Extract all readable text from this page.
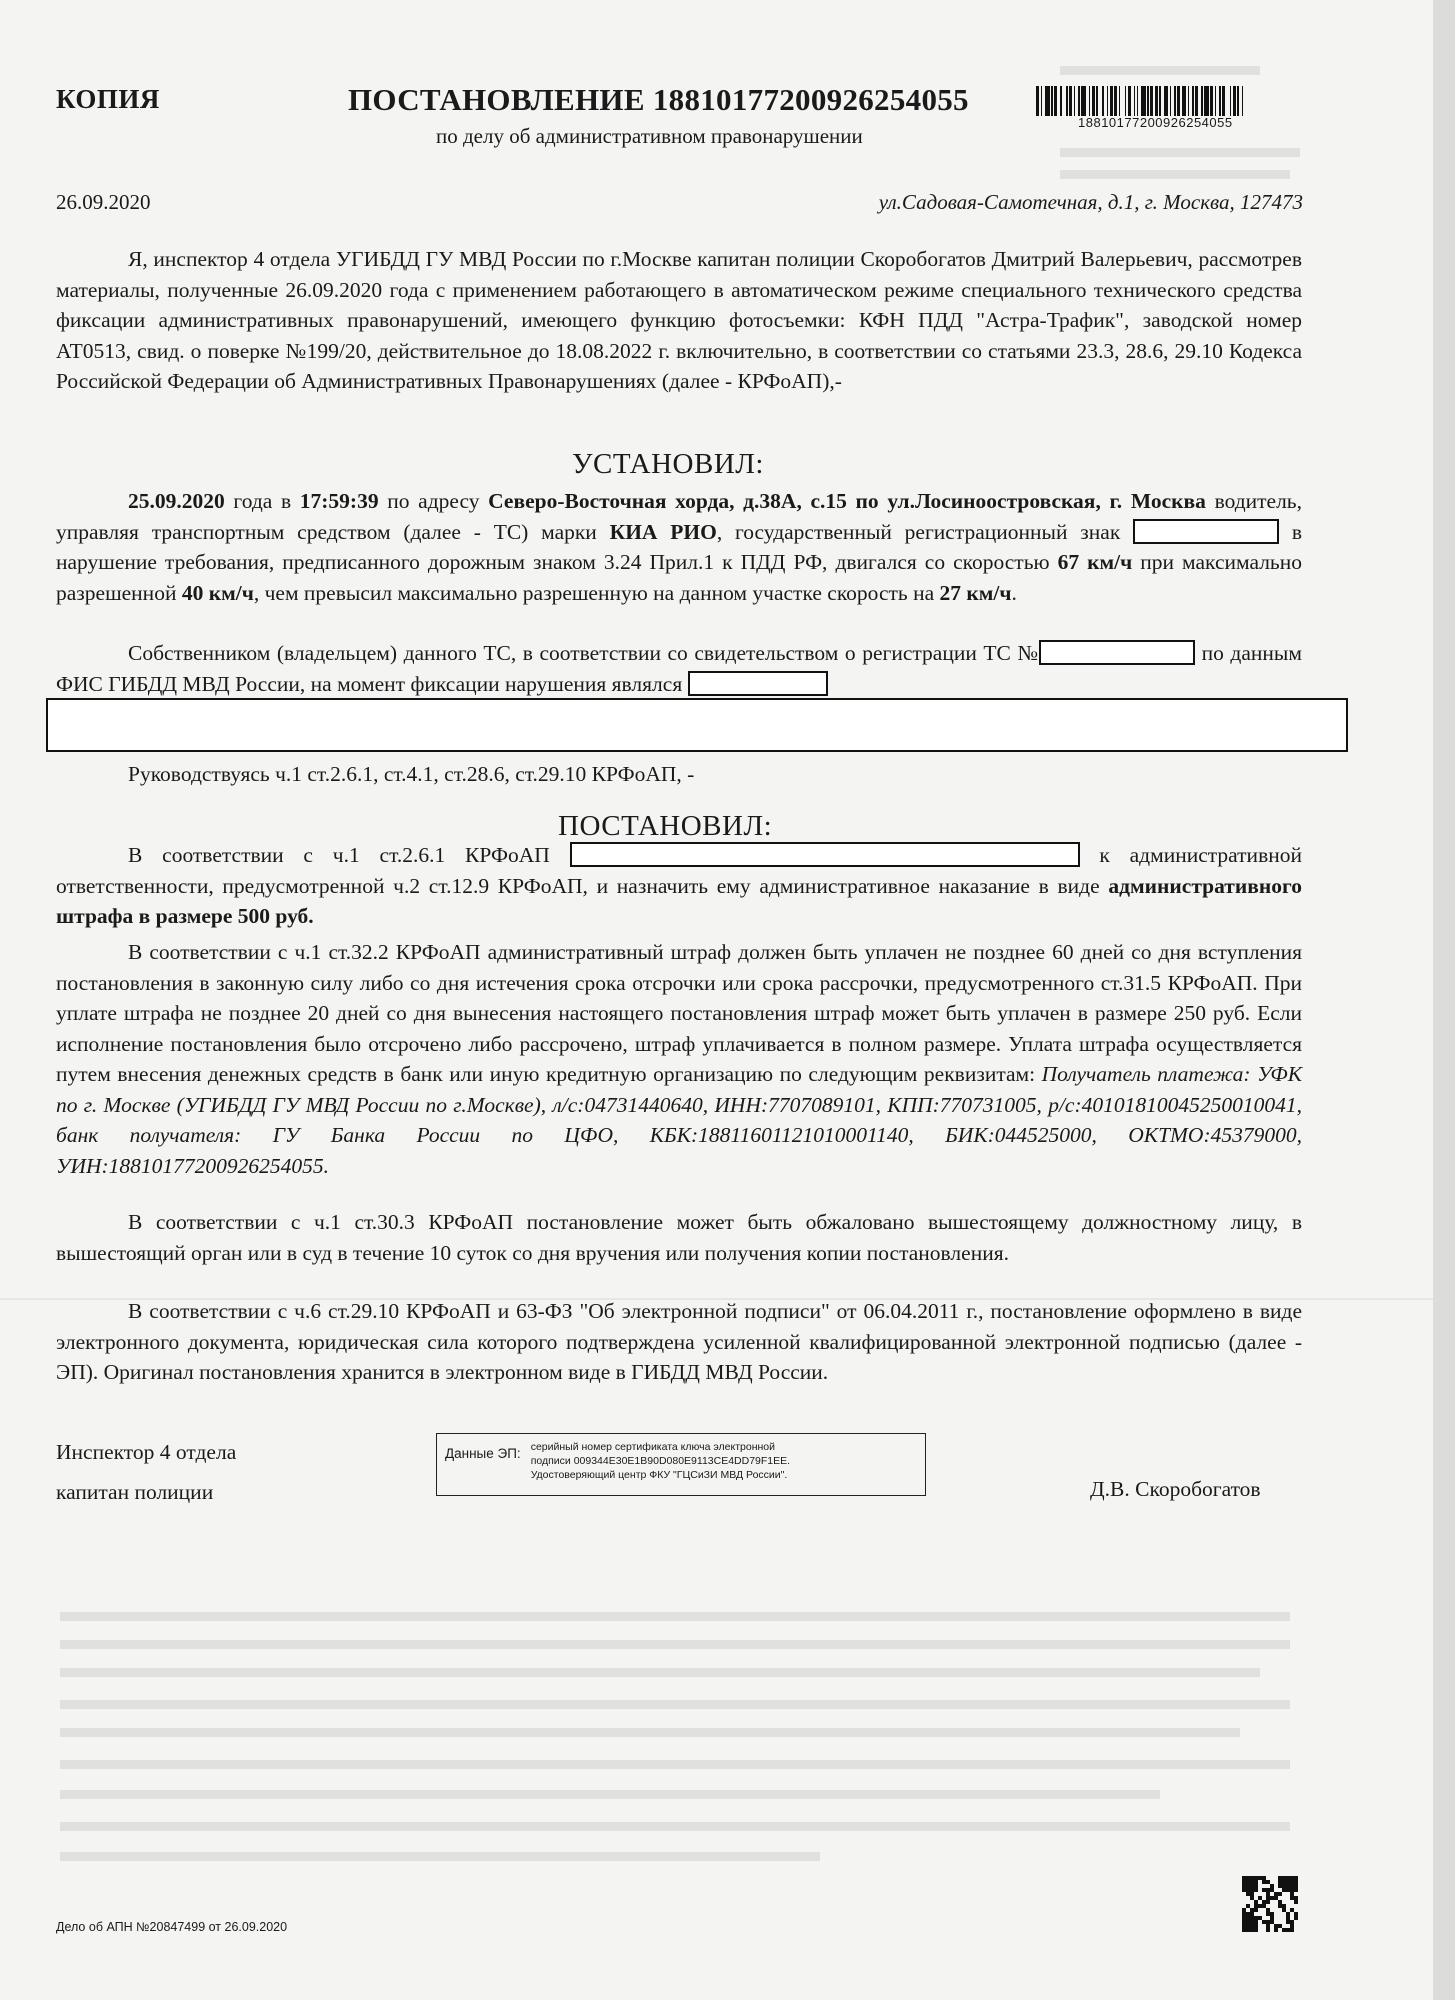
КОПИЯ	ПОСТАНОВЛЕНИЕ 18810177200926254055
по делу об административном правонарушении
18810177200926254055
26.09.2020	ул.Садовая-Самотечная, д.1, г. Москва, 127473
Я, инспектор 4 отдела УГИБДД ГУ МВД России по г.Москве капитан полиции Скоробогатов Дмитрий Валерьевич, рассмотрев материалы, полученные 26.09.2020 года с применением работающего в автоматическом режиме специального технического средства фиксации административных правонарушений, имеющего функцию фотосъемки: КФН ПДД "Астра-Трафик", заводской номер АТ0513, свид. о поверке №199/20, действительное до 18.08.2022 г. включительно, в соответствии со статьями 23.3, 28.6, 29.10 Кодекса Российской Федерации об Административных Правонарушениях (далее - КРФоАП),-
УСТАНОВИЛ:
25.09.2020 года в 17:59:39 по адресу Северо-Восточная хорда, д.38А, с.15 по ул.Лосиноостровская, г. Москва водитель, управляя транспортным средством (далее - ТС) марки КИА РИО, государственный регистрационный знак	в нарушение требования, предписанного дорожным знаком 3.24 Прил.1 к ПДД РФ, двигался со скоростью 67 км/ч при максимально разрешенной 40 км/ч, чем превысил максимально разрешенную на данном участке скорость на 27 км/ч.
Собственником (владельцем) данного ТС, в соответствии со свидетельством о регистрации ТС №	по данным ФИС ГИБДД МВД России, на момент фиксации нарушения являлся
Руководствуясь ч.1 ст.2.6.1, ст.4.1, ст.28.6, ст.29.10 КРФоАП, -
ПОСТАНОВИЛ:
В соответствии с ч.1 ст.2.6.1 КРФоАП	к административной ответственности, предусмотренной ч.2 ст.12.9 КРФоАП, и назначить ему административное наказание в виде административного штрафа в размере 500 руб.
В соответствии с ч.1 ст.32.2 КРФоАП административный штраф должен быть уплачен не позднее 60 дней со дня вступления постановления в законную силу либо со дня истечения срока отсрочки или срока рассрочки, предусмотренного ст.31.5 КРФоАП. При уплате штрафа не позднее 20 дней со дня вынесения настоящего постановления штраф может быть уплачен в размере 250 руб. Если исполнение постановления было отсрочено либо рассрочено, штраф уплачивается в полном размере. Уплата штрафа осуществляется путем внесения денежных средств в банк или иную кредитную организацию по следующим реквизитам: Получатель платежа: УФК по г. Москве (УГИБДД ГУ МВД России по г.Москве), л/с:04731440640, ИНН:7707089101, КПП:770731005, р/с:40101810045250010041, банк получателя: ГУ Банка России по ЦФО, КБК:18811601121010001140, БИК:044525000, ОКТМО:45379000, УИН:18810177200926254055.
В соответствии с ч.1 ст.30.3 КРФоАП постановление может быть обжаловано вышестоящему должностному лицу, в вышестоящий орган или в суд в течение 10 суток со дня вручения или получения копии постановления.
В соответствии с ч.6 ст.29.10 КРФоАП и 63-ФЗ "Об электронной подписи" от 06.04.2011 г., постановление оформлено в виде электронного документа, юридическая сила которого подтверждена усиленной квалифицированной электронной подписью (далее - ЭП). Оригинал постановления хранится в электронном виде в ГИБДД МВД России.
Инспектор 4 отдела
капитан полиции
Данные ЭП: серийный номер сертификата ключа электронной
подписи 009344E30E1B90D080E9113CE4DD79F1EE.
Удостоверяющий центр ФКУ "ГЦСиЗИ МВД России".
Д.В. Скоробогатов
Дело об АПН №20847499 от 26.09.2020
